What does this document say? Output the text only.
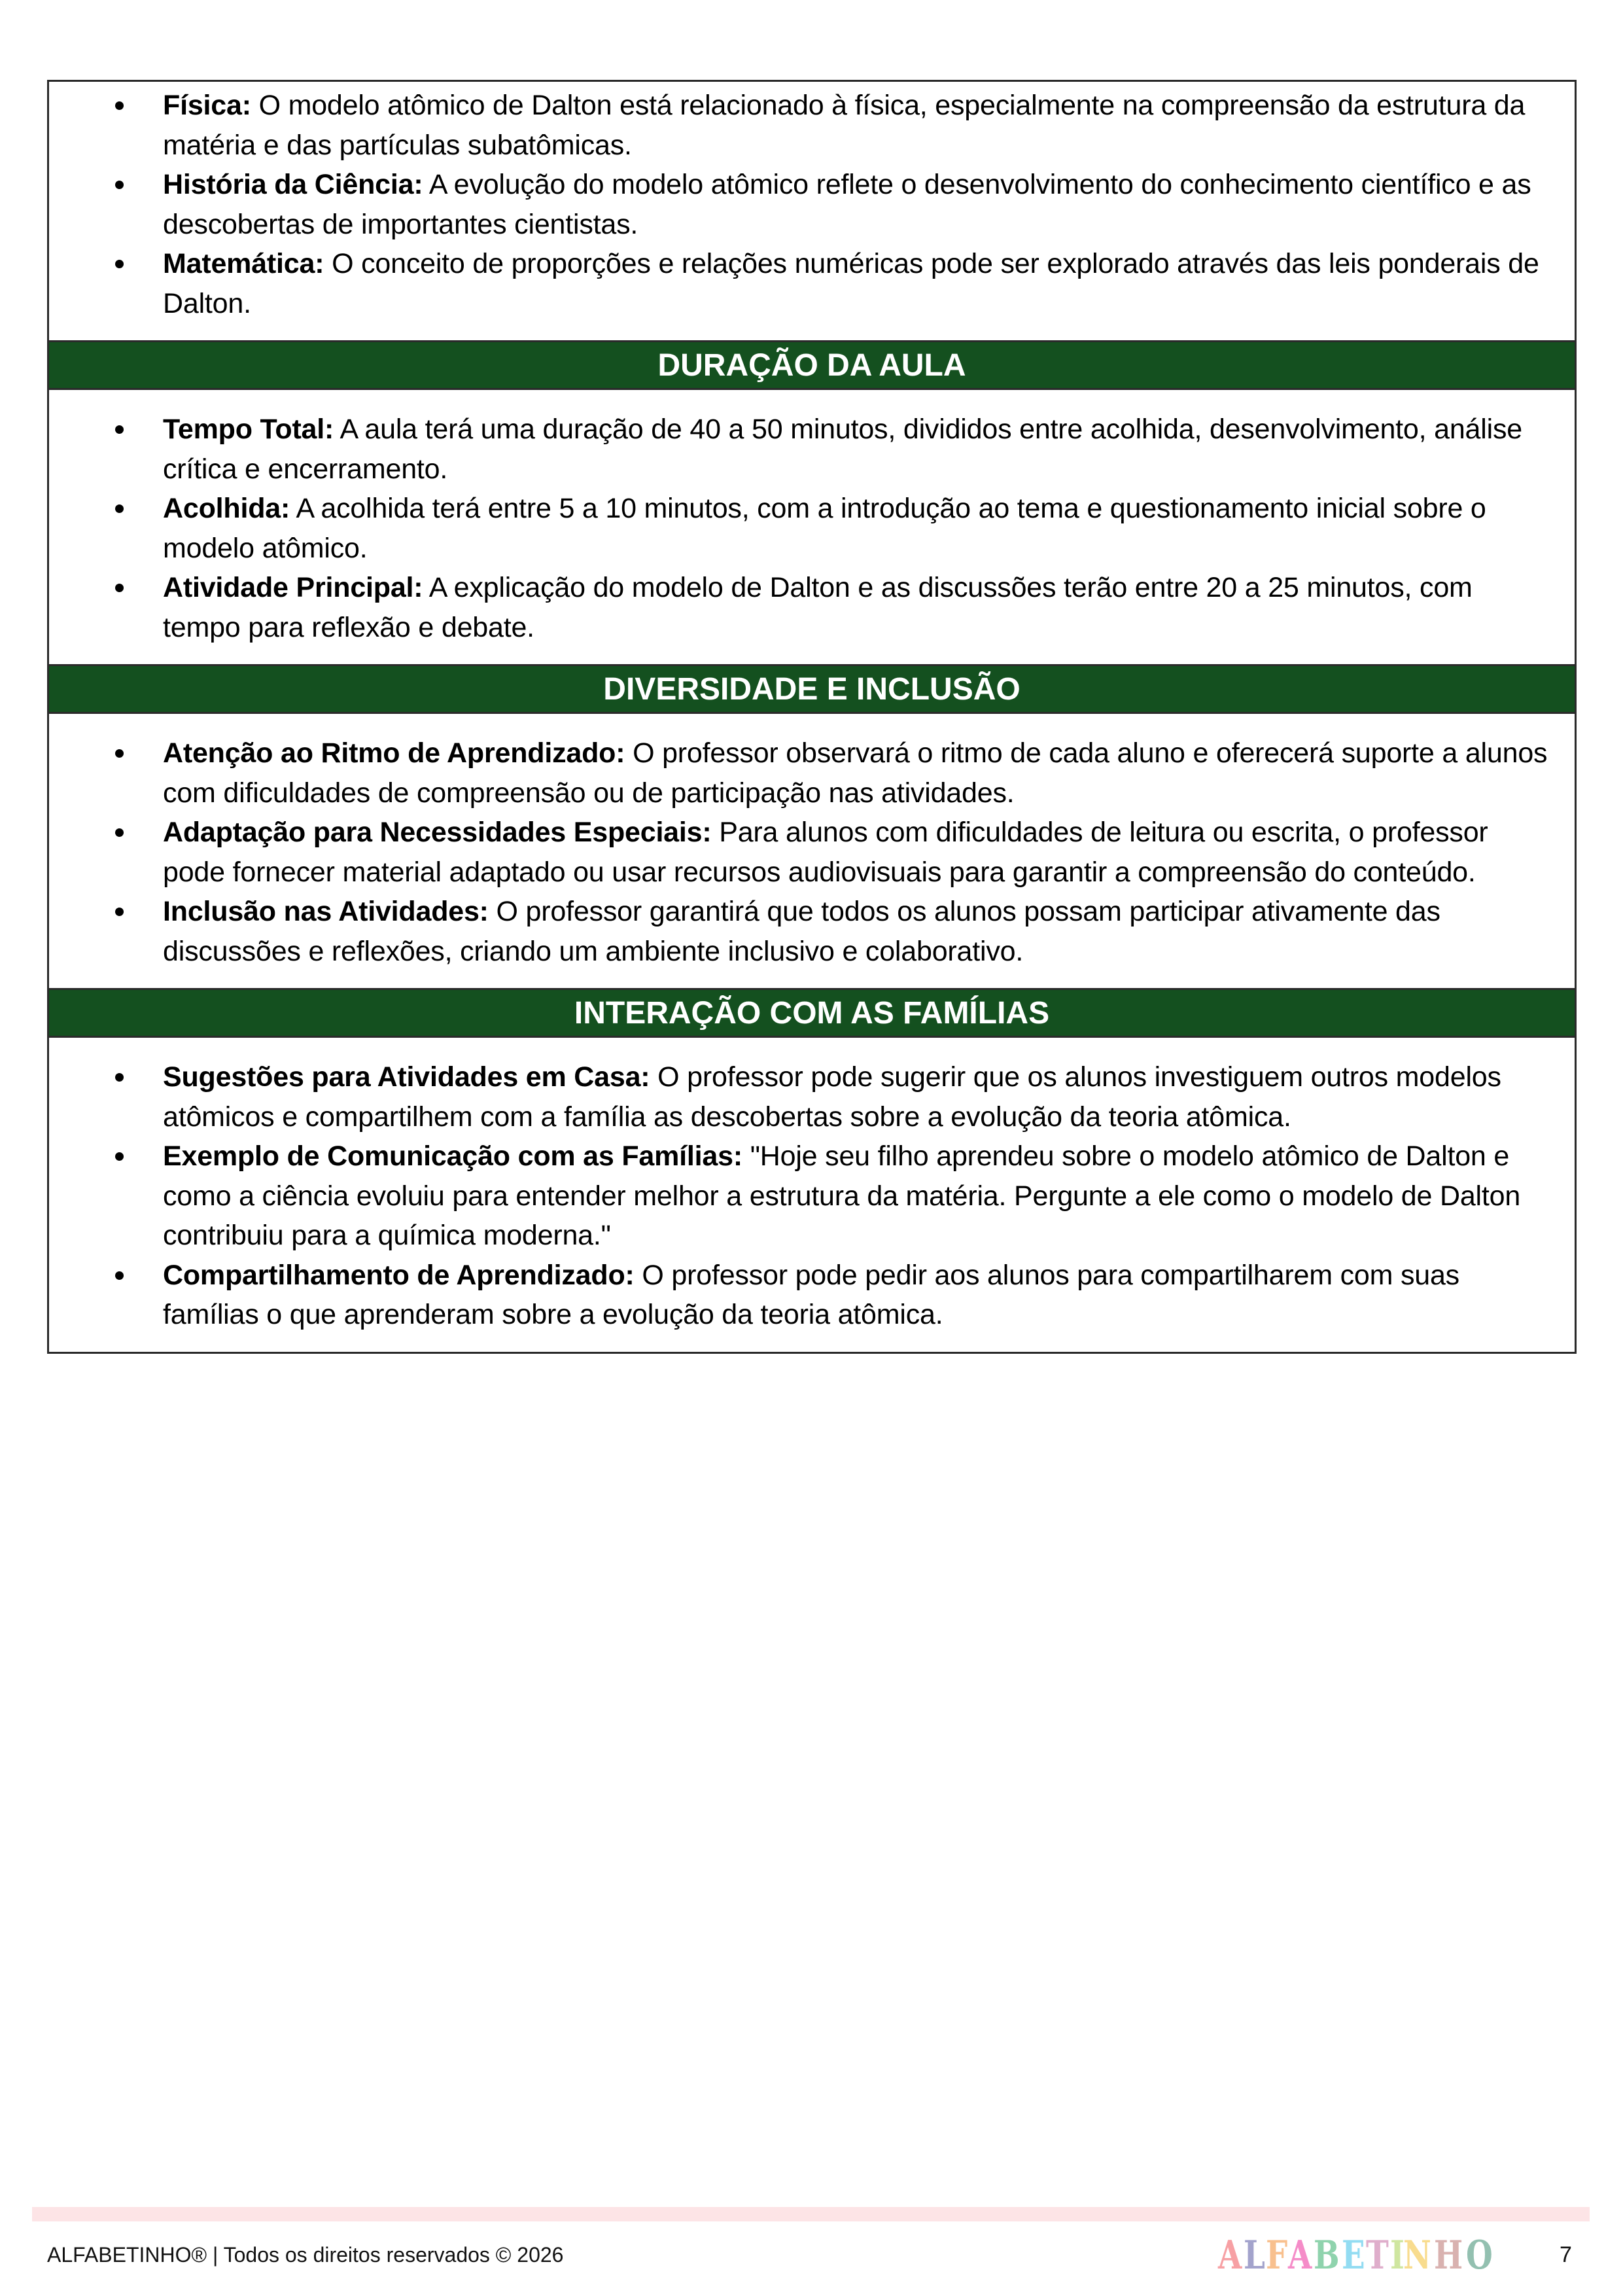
Física: O modelo atômico de Dalton está relacionado à física, especialmente na compreensão da estrutura da matéria e das partículas subatômicas.
História da Ciência: A evolução do modelo atômico reflete o desenvolvimento do conhecimento científico e as descobertas de importantes cientistas.
Matemática: O conceito de proporções e relações numéricas pode ser explorado através das leis ponderais de Dalton.
DURAÇÃO DA AULA
Tempo Total: A aula terá uma duração de 40 a 50 minutos, divididos entre acolhida, desenvolvimento, análise crítica e encerramento.
Acolhida: A acolhida terá entre 5 a 10 minutos, com a introdução ao tema e questionamento inicial sobre o modelo atômico.
Atividade Principal: A explicação do modelo de Dalton e as discussões terão entre 20 a 25 minutos, com tempo para reflexão e debate.
DIVERSIDADE E INCLUSÃO
Atenção ao Ritmo de Aprendizado: O professor observará o ritmo de cada aluno e oferecerá suporte a alunos com dificuldades de compreensão ou de participação nas atividades.
Adaptação para Necessidades Especiais: Para alunos com dificuldades de leitura ou escrita, o professor pode fornecer material adaptado ou usar recursos audiovisuais para garantir a compreensão do conteúdo.
Inclusão nas Atividades: O professor garantirá que todos os alunos possam participar ativamente das discussões e reflexões, criando um ambiente inclusivo e colaborativo.
INTERAÇÃO COM AS FAMÍLIAS
Sugestões para Atividades em Casa: O professor pode sugerir que os alunos investiguem outros modelos atômicos e compartilhem com a família as descobertas sobre a evolução da teoria atômica.
Exemplo de Comunicação com as Famílias: "Hoje seu filho aprendeu sobre o modelo atômico de Dalton e como a ciência evoluiu para entender melhor a estrutura da matéria. Pergunte a ele como o modelo de Dalton contribuiu para a química moderna."
Compartilhamento de Aprendizado: O professor pode pedir aos alunos para compartilharem com suas famílias o que aprenderam sobre a evolução da teoria atômica.
ALFABETINHO® | Todos os direitos reservados © 2026	A L F A B E T I
N H O	7
